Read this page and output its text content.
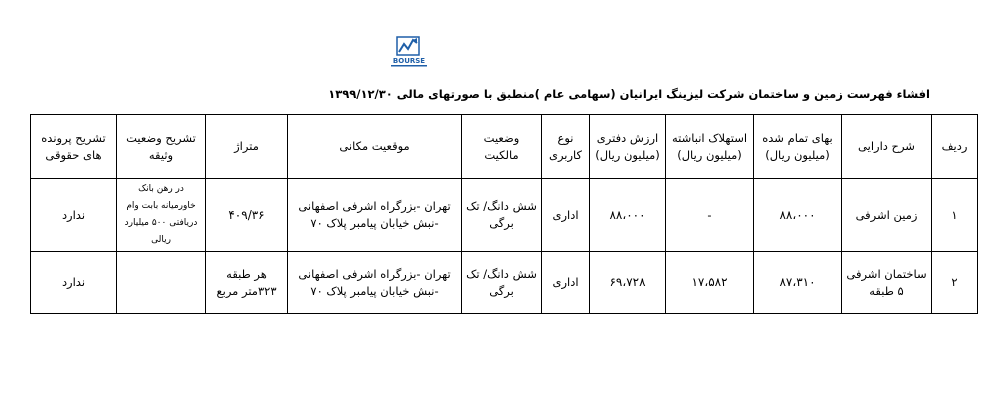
BOURSE
افشاء فهرست زمین و ساختمان شرکت لیزینگ ایرانیان (سهامی عام )منطبق با صورتهای مالی ۱۳۹۹/۱۲/۳۰
ردیف	شرح دارایی	بهای تمام شده (میلیون ریال)	استهلاک انباشته (میلیون ریال)	ارزش دفتری (میلیون ریال)	نوع کاربری	وضعیت مالکیت	موقعیت مکانی	متراژ	تشریح وضعیت وثیقه	تشریح پرونده های حقوقی
۱	زمین اشرفی	۸۸،۰۰۰	-	۸۸،۰۰۰	اداری	شش دانگ/ تک برگی	تهران -بزرگراه اشرفی اصفهانی -نبش خیابان پیامبر پلاک ۷۰	۴۰۹/۳۶	در رهن بانک خاورمیانه بابت وام دریافتی ۵۰۰ میلیارد ریالی	ندارد
۲	ساختمان اشرفی ۵ طبقه	۸۷،۳۱۰	۱۷،۵۸۲	۶۹،۷۲۸	اداری	شش دانگ/ تک برگی	تهران -بزرگراه اشرفی اصفهانی -نبش خیابان پیامبر پلاک ۷۰	هر طبقه ۳۲۳متر مربع		ندارد
